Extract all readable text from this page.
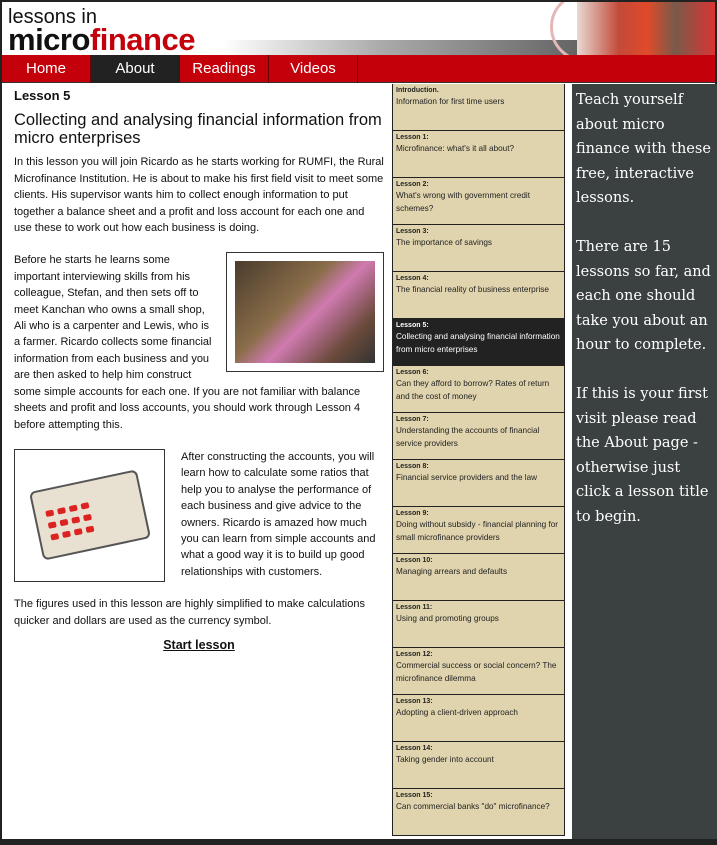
lessons in
microfinance
Home	About	Readings	Videos
Lesson 5
Collecting and analysing financial information from micro enterprises

In this lesson you will join Ricardo as he starts working for RUMFI, the Rural Microfinance Institution. He is about to make his first field visit to meet some clients. His supervisor wants him to collect enough information to put together a balance sheet and a profit and loss account for each one and use these to work out how each business is doing.

Before he starts he learns some important interviewing skills from his colleague, Stefan, and then sets off to meet Kanchan who owns a small shop, Ali who is a carpenter and Lewis, who is a farmer. Ricardo collects some financial information from each business and you are then asked to help him construct some simple accounts for each one. If you are not familiar with balance sheets and profit and loss accounts, you should work through Lesson 4 before attempting this.

After constructing the accounts, you will learn how to calculate some ratios that help you to analyse the performance of each business and give advice to the owners. Ricardo is amazed how much you can learn from simple accounts and what a good way it is to build up good relationships with customers.

The figures used in this lesson are highly simplified to make calculations quicker and dollars are used as the currency symbol.

Start lesson
Introduction.
Information for first time users
Lesson 1:
Microfinance: what's it all about?
Lesson 2:
What's wrong with government credit schemes?
Lesson 3:
The importance of savings
Lesson 4:
The financial reality of business enterprise
Lesson 5:
Collecting and analysing financial information from micro enterprises
Lesson 6:
Can they afford to borrow? Rates of return and the cost of money
Lesson 7:
Understanding the accounts of financial service providers
Lesson 8:
Financial service providers and the law
Lesson 9:
Doing without subsidy - financial planning for small microfinance providers
Lesson 10:
Managing arrears and defaults
Lesson 11:
Using and promoting groups
Lesson 12:
Commercial success or social concern? The microfinance dilemma
Lesson 13:
Adopting a client-driven approach
Lesson 14:
Taking gender into account
Lesson 15:
Can commercial banks "do" microfinance?

Teach yourself about micro finance with these free, interactive lessons.

There are 15 lessons so far, and each one should take you about an hour to complete.

If this is your first visit please read the About page - otherwise just click a lesson title to begin.
